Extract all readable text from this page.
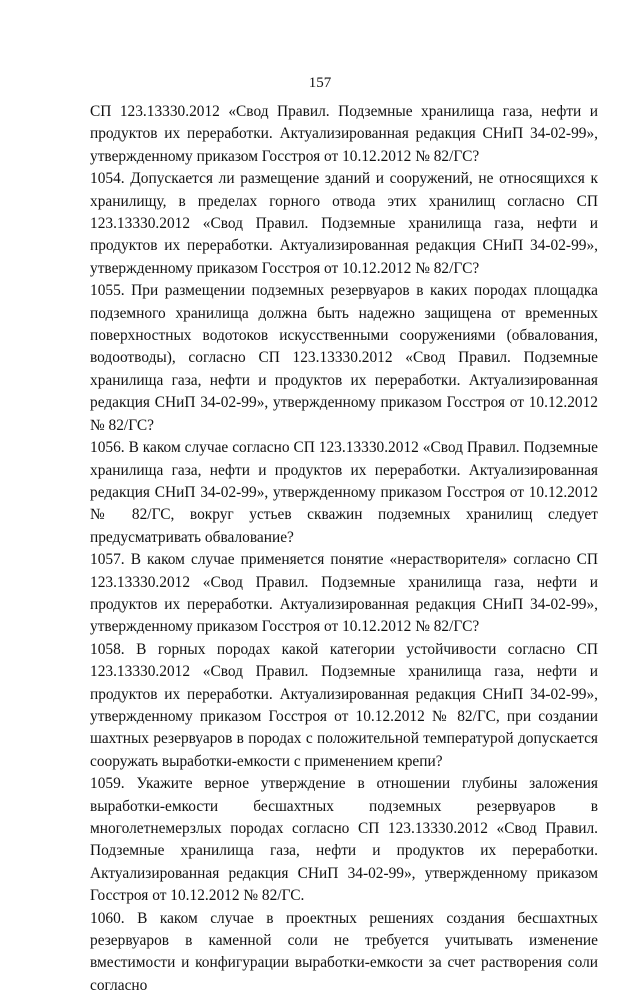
157

СП 123.13330.2012 «Свод Правил. Подземные хранилища газа, нефти и продуктов их переработки. Актуализированная редакция СНиП 34-02-99», утвержденному приказом Госстроя от 10.12.2012 № 82/ГС?

1054. Допускается ли размещение зданий и сооружений, не относящихся к хранилищу, в пределах горного отвода этих хранилищ согласно СП 123.13330.2012 «Свод Правил. Подземные хранилища газа, нефти и продуктов их переработки. Актуализированная редакция СНиП 34-02-99», утвержденному приказом Госстроя от 10.12.2012 № 82/ГС?

1055. При размещении подземных резервуаров в каких породах площадка подземного хранилища должна быть надежно защищена от временных поверхностных водотоков искусственными сооружениями (обвалования, водоотводы), согласно СП 123.13330.2012 «Свод Правил. Подземные хранилища газа, нефти и продуктов их переработки. Актуализированная редакция СНиП 34-02-99», утвержденному приказом Госстроя от 10.12.2012 № 82/ГС?

1056. В каком случае согласно СП 123.13330.2012 «Свод Правил. Подземные хранилища газа, нефти и продуктов их переработки. Актуализированная редакция СНиП 34-02-99», утвержденному приказом Госстроя от 10.12.2012 № 82/ГС, вокруг устьев скважин подземных хранилищ следует предусматривать обвалование?

1057. В каком случае применяется понятие «нерастворителя» согласно СП 123.13330.2012 «Свод Правил. Подземные хранилища газа, нефти и продуктов их переработки. Актуализированная редакция СНиП 34-02-99», утвержденному приказом Госстроя от 10.12.2012 № 82/ГС?

1058. В горных породах какой категории устойчивости согласно СП 123.13330.2012 «Свод Правил. Подземные хранилища газа, нефти и продуктов их переработки. Актуализированная редакция СНиП 34-02-99», утвержденному приказом Госстроя от 10.12.2012 № 82/ГС, при создании шахтных резервуаров в породах с положительной температурой допускается сооружать выработки-емкости с применением крепи?

1059. Укажите верное утверждение в отношении глубины заложения выработки-емкости бесшахтных подземных резервуаров в многолетнемерзлых породах согласно СП 123.13330.2012 «Свод Правил. Подземные хранилища газа, нефти и продуктов их переработки. Актуализированная редакция СНиП 34-02-99», утвержденному приказом Госстроя от 10.12.2012 № 82/ГС.

1060. В каком случае в проектных решениях создания бесшахтных резервуаров в каменной соли не требуется учитывать изменение вместимости и конфигурации выработки-емкости за счет растворения соли согласно
